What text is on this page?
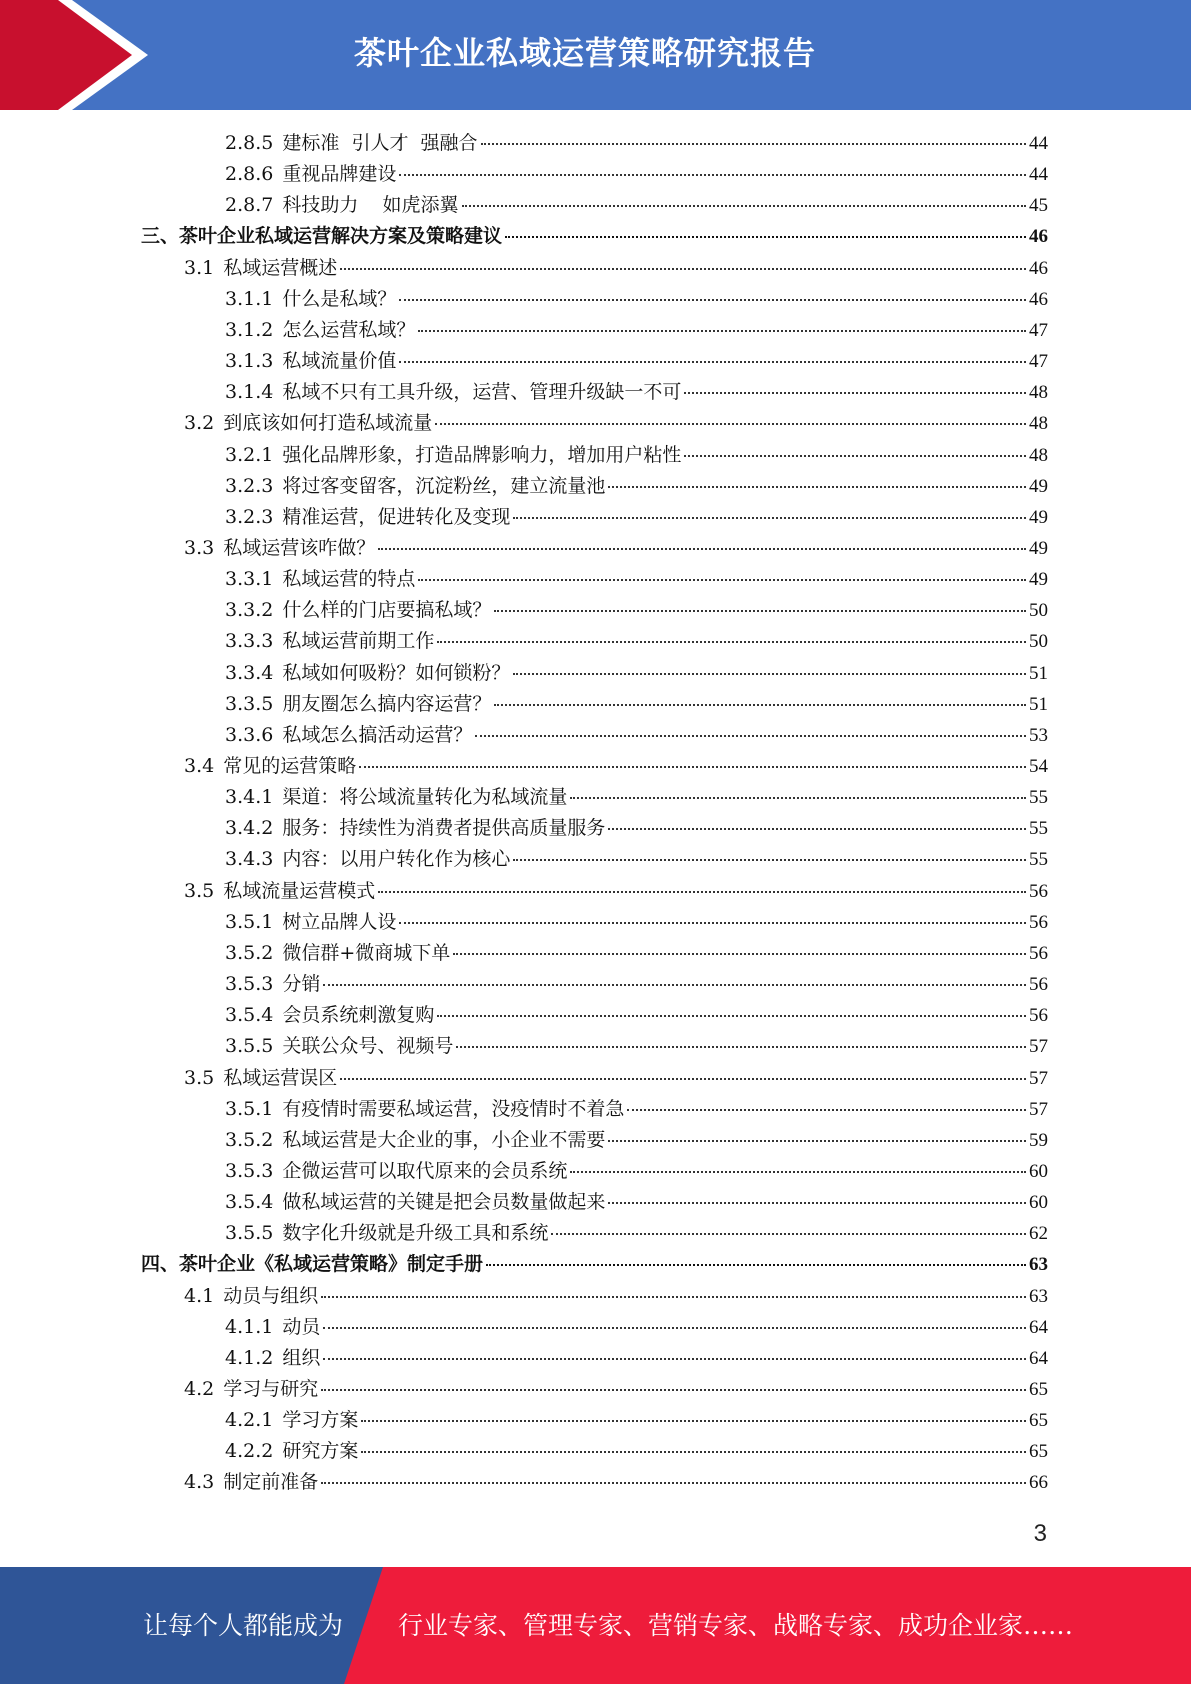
茶叶企业私域运营策略研究报告
2.8.5 建标准  引人才  强融合	44
2.8.6 重视品牌建设	44
2.8.7 科技助力    如虎添翼	45
三、茶叶企业私域运营解决方案及策略建议	46
3.1 私域运营概述	46
3.1.1 什么是私域？	46
3.1.2 怎么运营私域？	47
3.1.3 私域流量价值	47
3.1.4 私域不只有工具升级，运营、管理升级缺一不可	48
3.2 到底该如何打造私域流量	48
3.2.1 强化品牌形象，打造品牌影响力，增加用户粘性	48
3.2.3 将过客变留客，沉淀粉丝，建立流量池	49
3.2.3 精准运营，促进转化及变现	49
3.3 私域运营该咋做？	49
3.3.1 私域运营的特点	49
3.3.2 什么样的门店要搞私域？	50
3.3.3 私域运营前期工作	50
3.3.4 私域如何吸粉？如何锁粉？	51
3.3.5 朋友圈怎么搞内容运营？	51
3.3.6 私域怎么搞活动运营？	53
3.4 常见的运营策略	54
3.4.1 渠道：将公域流量转化为私域流量	55
3.4.2 服务：持续性为消费者提供高质量服务	55
3.4.3 内容：以用户转化作为核心	55
3.5 私域流量运营模式	56
3.5.1 树立品牌人设	56
3.5.2 微信群+微商城下单	56
3.5.3 分销	56
3.5.4 会员系统刺激复购	56
3.5.5 关联公众号、视频号	57
3.5 私域运营误区	57
3.5.1 有疫情时需要私域运营，没疫情时不着急	57
3.5.2 私域运营是大企业的事，小企业不需要	59
3.5.3 企微运营可以取代原来的会员系统	60
3.5.4 做私域运营的关键是把会员数量做起来	60
3.5.5 数字化升级就是升级工具和系统	62
四、茶叶企业《私域运营策略》制定手册	63
4.1 动员与组织	63
4.1.1 动员	64
4.1.2 组织	64
4.2 学习与研究	65
4.2.1 学习方案	65
4.2.2 研究方案	65
4.3 制定前准备	66
3
让每个人都能成为 行业专家、管理专家、营销专家、战略专家、成功企业家……
